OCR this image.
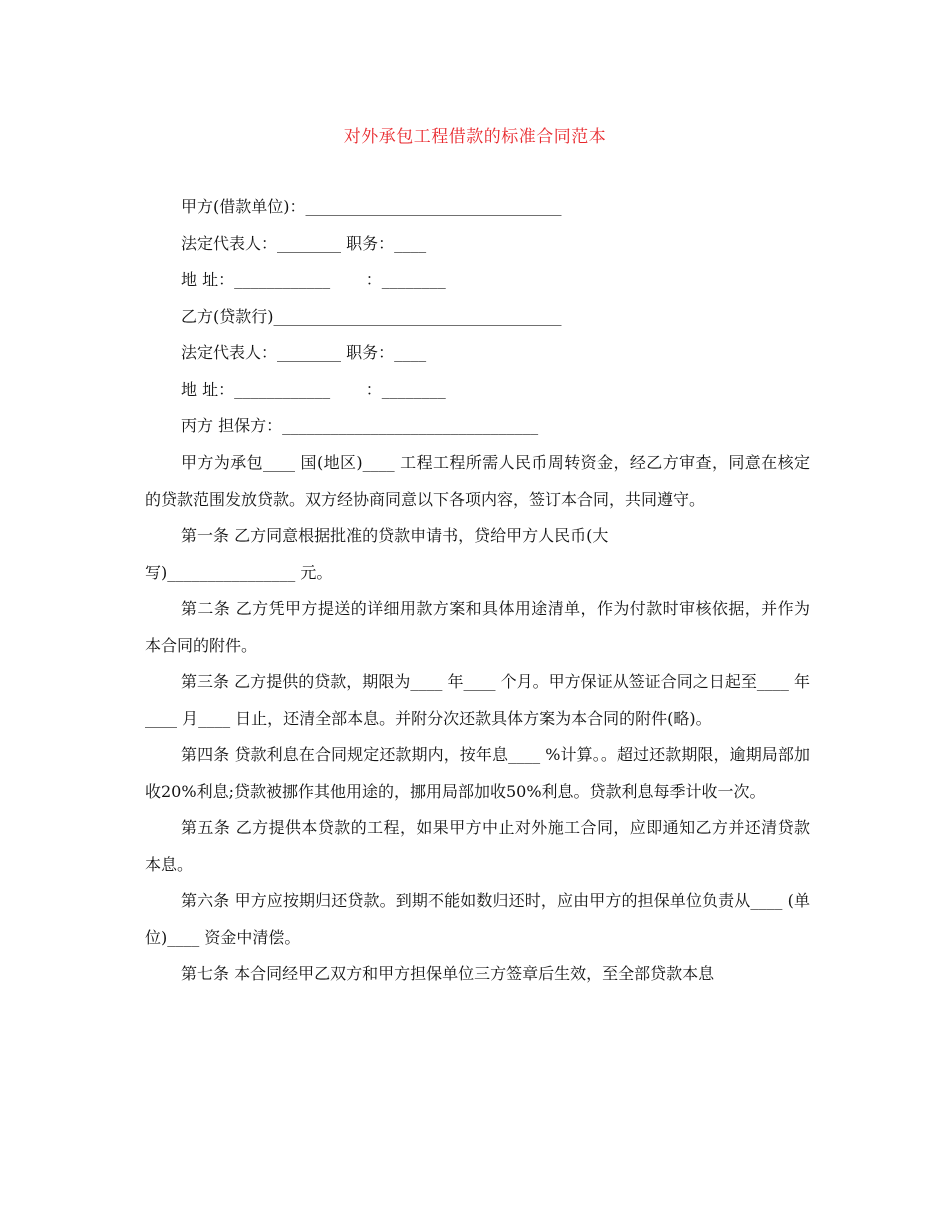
对外承包工程借款的标准合同范本
甲方(借款单位)：________________________________
法定代表人：________ 职务：____
地 址：____________       ：________
乙方(贷款行)____________________________________
法定代表人：________ 职务：____
地 址：____________       ：________
丙方 担保方：________________________________

甲方为承包____ 国(地区)____ 工程工程所需人民币周转资金，经乙方审查，同意在核定的贷款范围发放贷款。双方经协商同意以下各项内容，签订本合同，共同遵守。

第一条 乙方同意根据批准的贷款申请书，贷给甲方人民币(大
写)________________ 元。

第二条 乙方凭甲方提送的详细用款方案和具体用途清单，作为付款时审核依据，并作为本合同的附件。

第三条 乙方提供的贷款，期限为____ 年____ 个月。甲方保证从签证合同之日起至____ 年____ 月____ 日止，还清全部本息。并附分次还款具体方案为本合同的附件(略)。

第四条 贷款利息在合同规定还款期内，按年息____ %计算。。超过还款期限，逾期局部加收20%利息;贷款被挪作其他用途的，挪用局部加收50%利息。贷款利息每季计收一次。

第五条 乙方提供本贷款的工程，如果甲方中止对外施工合同，应即通知乙方并还清贷款本息。

第六条 甲方应按期归还贷款。到期不能如数归还时，应由甲方的担保单位负责从____ (单位)____ 资金中清偿。

第七条 本合同经甲乙双方和甲方担保单位三方签章后生效，至全部贷款本息
